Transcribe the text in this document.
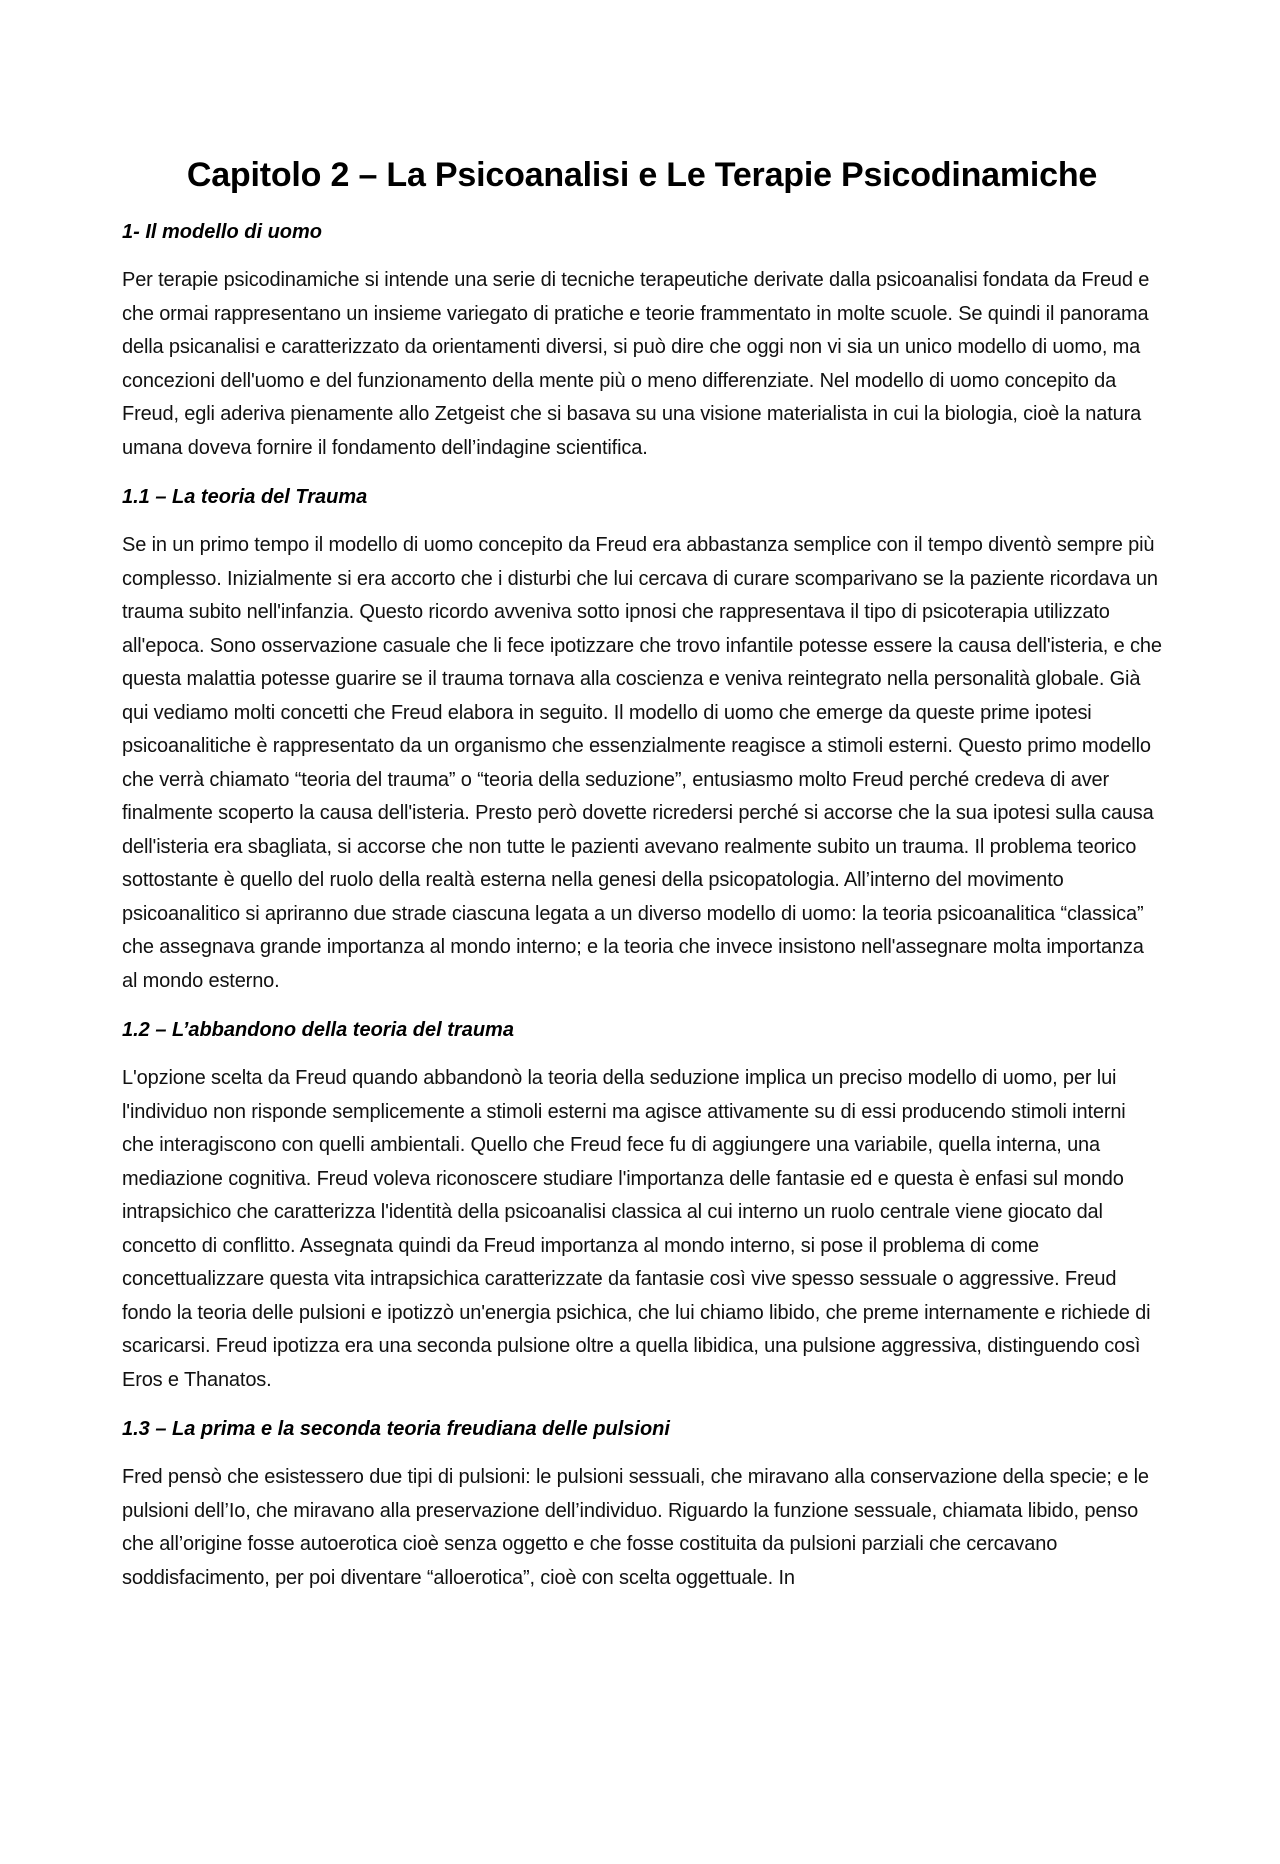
Capitolo 2 – La Psicoanalisi e Le Terapie Psicodinamiche
1- Il modello di uomo

Per terapie psicodinamiche si intende una serie di tecniche terapeutiche derivate dalla psicoanalisi fondata da Freud e che ormai rappresentano un insieme variegato di pratiche e teorie frammentato in molte scuole. Se quindi il panorama della psicanalisi e caratterizzato da orientamenti diversi, si può dire che oggi non vi sia un unico modello di uomo, ma concezioni dell'uomo e del funzionamento della mente più o meno differenziate. Nel modello di uomo concepito da Freud, egli aderiva pienamente allo Zetgeist che si basava su una visione materialista in cui la biologia, cioè la natura umana doveva fornire il fondamento dell’indagine scientifica.

1.1 – La teoria del Trauma

Se in un primo tempo il modello di uomo concepito da Freud era abbastanza semplice con il tempo diventò sempre più complesso. Inizialmente si era accorto che i disturbi che lui cercava di curare scomparivano se la paziente ricordava un trauma subito nell'infanzia. Questo ricordo avveniva sotto ipnosi che rappresentava il tipo di psicoterapia utilizzato all'epoca. Sono osservazione casuale che li fece ipotizzare che trovo infantile potesse essere la causa dell'isteria, e che questa malattia potesse guarire se il trauma tornava alla coscienza e veniva reintegrato nella personalità globale. Già qui vediamo molti concetti che Freud elabora in seguito. Il modello di uomo che emerge da queste prime ipotesi psicoanalitiche è rappresentato da un organismo che essenzialmente reagisce a stimoli esterni. Questo primo modello che verrà chiamato “teoria del trauma” o “teoria della seduzione”, entusiasmo molto Freud perché credeva di aver finalmente scoperto la causa dell'isteria. Presto però dovette ricredersi perché si accorse che la sua ipotesi sulla causa dell'isteria era sbagliata, si accorse che non tutte le pazienti avevano realmente subito un trauma. Il problema teorico sottostante è quello del ruolo della realtà esterna nella genesi della psicopatologia. All’interno del movimento psicoanalitico si apriranno due strade ciascuna legata a un diverso modello di uomo: la teoria psicoanalitica “classica” che assegnava grande importanza al mondo interno; e la teoria che invece insistono nell'assegnare molta importanza al mondo esterno.

1.2 – L’abbandono della teoria del trauma

L'opzione scelta da Freud quando abbandonò la teoria della seduzione implica un preciso modello di uomo, per lui l'individuo non risponde semplicemente a stimoli esterni ma agisce attivamente su di essi producendo stimoli interni che interagiscono con quelli ambientali. Quello che Freud fece fu di aggiungere una variabile, quella interna, una mediazione cognitiva. Freud voleva riconoscere studiare l'importanza delle fantasie ed e questa è enfasi sul mondo intrapsichico che caratterizza l'identità della psicoanalisi classica al cui interno un ruolo centrale viene giocato dal concetto di conflitto. Assegnata quindi da Freud importanza al mondo interno, si pose il problema di come concettualizzare questa vita intrapsichica caratterizzate da fantasie così vive spesso sessuale o aggressive. Freud fondo la teoria delle pulsioni e ipotizzò un'energia psichica, che lui chiamo libido, che preme internamente e richiede di scaricarsi. Freud ipotizza era una seconda pulsione oltre a quella libidica, una pulsione aggressiva, distinguendo così Eros e Thanatos.

1.3 – La prima e la seconda teoria freudiana delle pulsioni

Fred pensò che esistessero due tipi di pulsioni: le pulsioni sessuali, che miravano alla conservazione della specie; e le pulsioni dell’Io, che miravano alla preservazione dell’individuo. Riguardo la funzione sessuale, chiamata libido, penso che all’origine fosse autoerotica cioè senza oggetto e che fosse costituita da pulsioni parziali che cercavano soddisfacimento, per poi diventare “alloerotica”, cioè con scelta oggettuale. In
